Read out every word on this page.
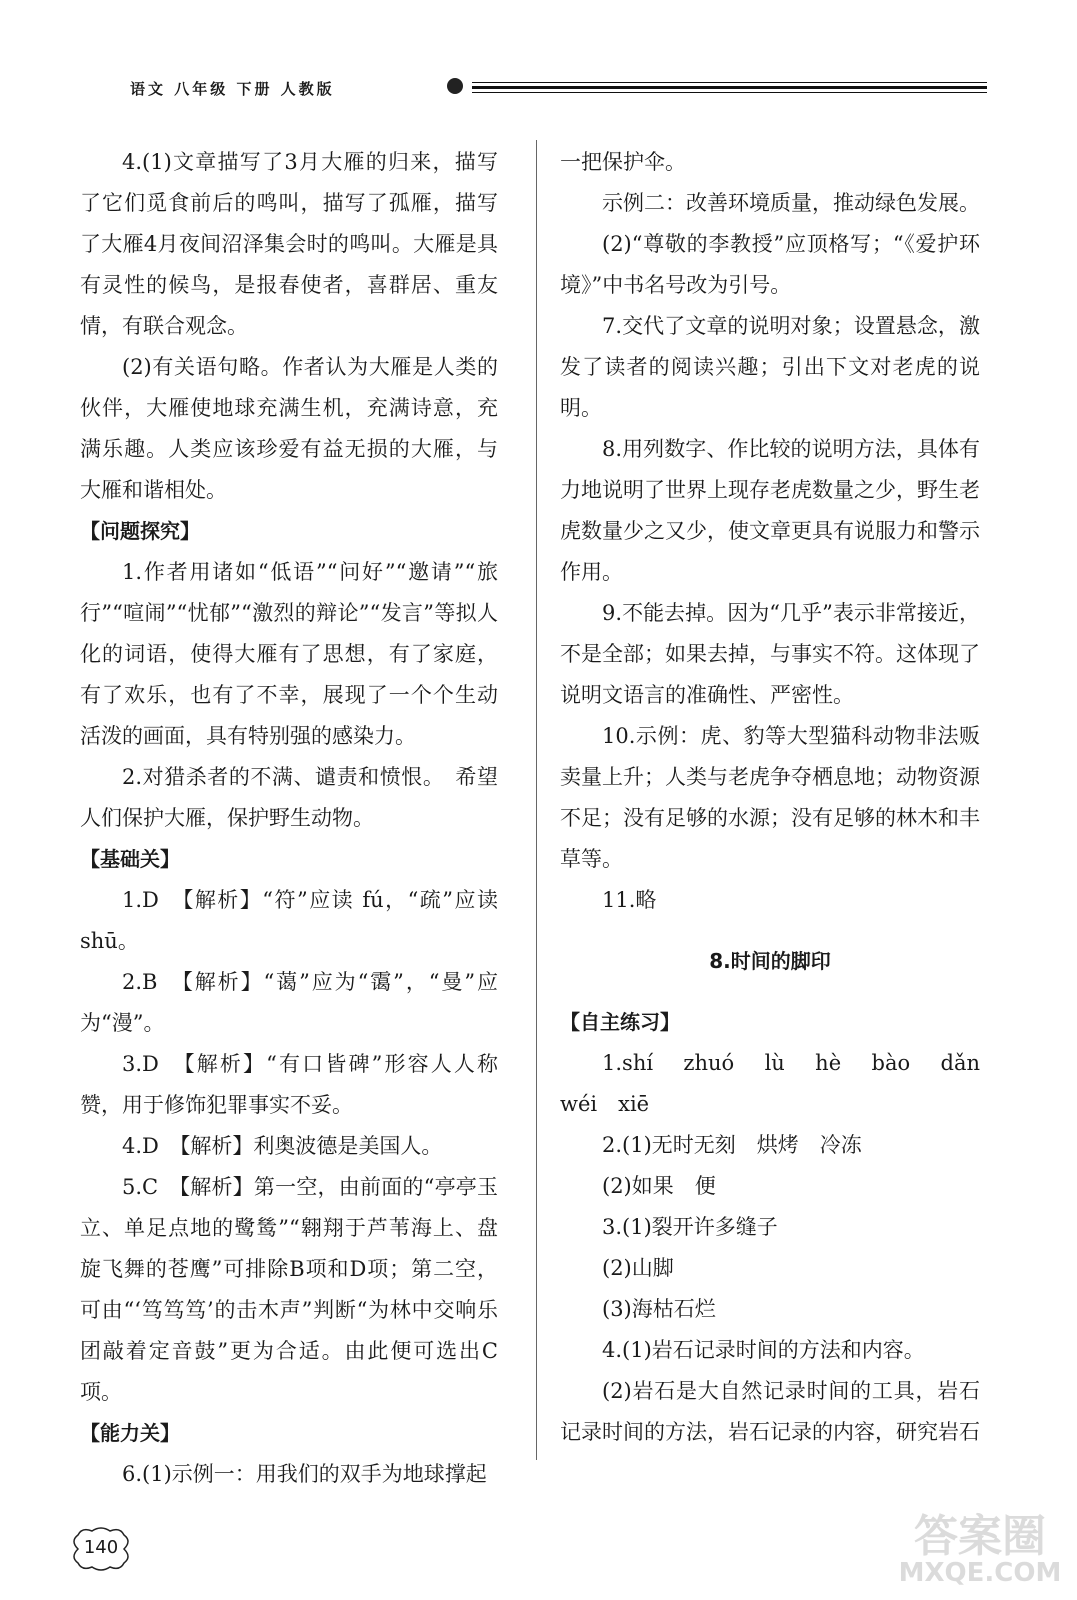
语文 八年级 下册 人教版

4.(1)文章描写了3月大雁的归来，描写了它们觅食前后的鸣叫，描写了孤雁，描写了大雁4月夜间沼泽集会时的鸣叫。大雁是具有灵性的候鸟，是报春使者，喜群居、重友情，有联合观念。

(2)有关语句略。作者认为大雁是人类的伙伴，大雁使地球充满生机，充满诗意，充满乐趣。人类应该珍爱有益无损的大雁，与大雁和谐相处。

【问题探究】

1.作者用诸如“低语”“问好”“邀请”“旅行”“喧闹”“忧郁”“激烈的辩论”“发言”等拟人化的词语，使得大雁有了思想，有了家庭，有了欢乐，也有了不幸，展现了一个个生动活泼的画面，具有特别强的感染力。

2.对猎杀者的不满、谴责和愤恨。　希望人们保护大雁，保护野生动物。

【基础关】

1.D　【解析】“符”应读 fú，“疏”应读 shū。

2.B　【解析】“蔼”应为“霭”，“曼”应为“漫”。

3.D　【解析】“有口皆碑”形容人人称赞，用于修饰犯罪事实不妥。

4.D　【解析】利奥波德是美国人。

5.C　【解析】第一空，由前面的“亭亭玉立、单足点地的鹭鸶”“翱翔于芦苇海上、盘旋飞舞的苍鹰”可排除B项和D项；第二空，可由“‘笃笃笃’的击木声”判断“为林中交响乐团敲着定音鼓”更为合适。由此便可选出C项。

【能力关】

6.(1)示例一：用我们的双手为地球撑起

一把保护伞。

示例二：改善环境质量，推动绿色发展。

(2)“尊敬的李教授”应顶格写；“《爱护环境》”中书名号改为引号。

7.交代了文章的说明对象；设置悬念，激发了读者的阅读兴趣；引出下文对老虎的说明。

8.用列数字、作比较的说明方法，具体有力地说明了世界上现存老虎数量之少，野生老虎数量少之又少，使文章更具有说服力和警示作用。

9.不能去掉。因为“几乎”表示非常接近，不是全部；如果去掉，与事实不符。这体现了说明文语言的准确性、严密性。

10.示例：虎、豹等大型猫科动物非法贩卖量上升；人类与老虎争夺栖息地；动物资源不足；没有足够的水源；没有足够的林木和丰草等。

11.略

8.时间的脚印

【自主练习】

1.shí　zhuó　lù　hè　bào　dǎn　wéi　xiē

2.(1)无时无刻　烘烤　冷冻

(2)如果　便

3.(1)裂开许多缝子

(2)山脚

(3)海枯石烂

4.(1)岩石记录时间的方法和内容。

(2)岩石是大自然记录时间的工具，岩石记录时间的方法，岩石记录的内容，研究岩石

140	答案圈
MXQE.COM
